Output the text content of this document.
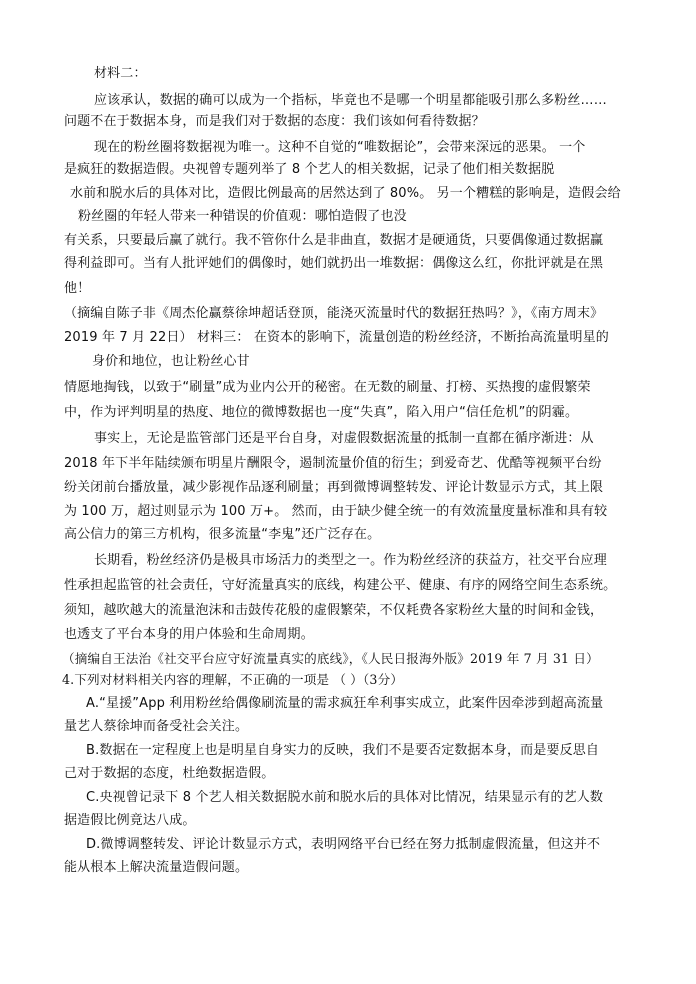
材料二：

应该承认，数据的确可以成为一个指标，毕竟也不是哪一个明星都能吸引那么多粉丝……

问题不在于数据本身，而是我们对于数据的态度：我们该如何看待数据？

现在的粉丝圈将数据视为唯一。这种不自觉的“唯数据论”，会带来深远的恶果。 一个

是疯狂的数据造假。央视曾专题列举了 8 个艺人的相关数据，记录了他们相关数据脱

水前和脱水后的具体对比，造假比例最高的居然达到了 80%。 另一个糟糕的影响是，造假会给

粉丝圈的年轻人带来一种错误的价值观：哪怕造假了也没

有关系，只要最后赢了就行。我不管你什么是非曲直，数据才是硬通货，只要偶像通过数据赢

得利益即可。当有人批评她们的偶像时，她们就扔出一堆数据：偶像这么红，你批评就是在黑

他！

（摘编自陈子非《周杰伦赢蔡徐坤超话登顶，能浇灭流量时代的数据狂热吗？》，《南方周末》

2019 年 7 月 22日） 材料三： 在资本的影响下，流量创造的粉丝经济，不断抬高流量明星的

身价和地位，也让粉丝心甘

情愿地掏钱，以致于“刷量”成为业内公开的秘密。在无数的刷量、打榜、买热搜的虚假繁荣

中，作为评判明星的热度、地位的微博数据也一度“失真”，陷入用户“信任危机”的阴霾。

事实上，无论是监管部门还是平台自身，对虚假数据流量的抵制一直都在循序渐进：从

2018 年下半年陆续颁布明星片酬限令，遏制流量价值的衍生；到爱奇艺、优酷等视频平台纷

纷关闭前台播放量，减少影视作品逐利刷量；再到微博调整转发、评论计数显示方式，其上限

为 100 万，超过则显示为 100 万+。 然而，由于缺少健全统一的有效流量度量标准和具有较

高公信力的第三方机构，很多流量“李鬼”还广泛存在。

长期看，粉丝经济仍是极具市场活力的类型之一。作为粉丝经济的获益方，社交平台应理

性承担起监管的社会责任，守好流量真实的底线，构建公平、健康、有序的网络空间生态系统。

须知，越吹越大的流量泡沫和击鼓传花般的虚假繁荣，不仅耗费各家粉丝大量的时间和金钱，

也透支了平台本身的用户体验和生命周期。

（摘编自王法治《社交平台应守好流量真实的底线》，《人民日报海外版》2019 年 7 月 31 日）

4.下列对材料相关内容的理解，不正确的一项是 （ ）（3分）

A.“星援”App 利用粉丝给偶像刷流量的需求疯狂牟利事实成立，此案件因牵涉到超高流量

量艺人蔡徐坤而备受社会关注。

B.数据在一定程度上也是明星自身实力的反映，我们不是要否定数据本身，而是要反思自

己对于数据的态度，杜绝数据造假。

C.央视曾记录下 8 个艺人相关数据脱水前和脱水后的具体对比情况，结果显示有的艺人数

据造假比例竟达八成。

D.微博调整转发、评论计数显示方式，表明网络平台已经在努力抵制虚假流量，但这并不

能从根本上解决流量造假问题。
